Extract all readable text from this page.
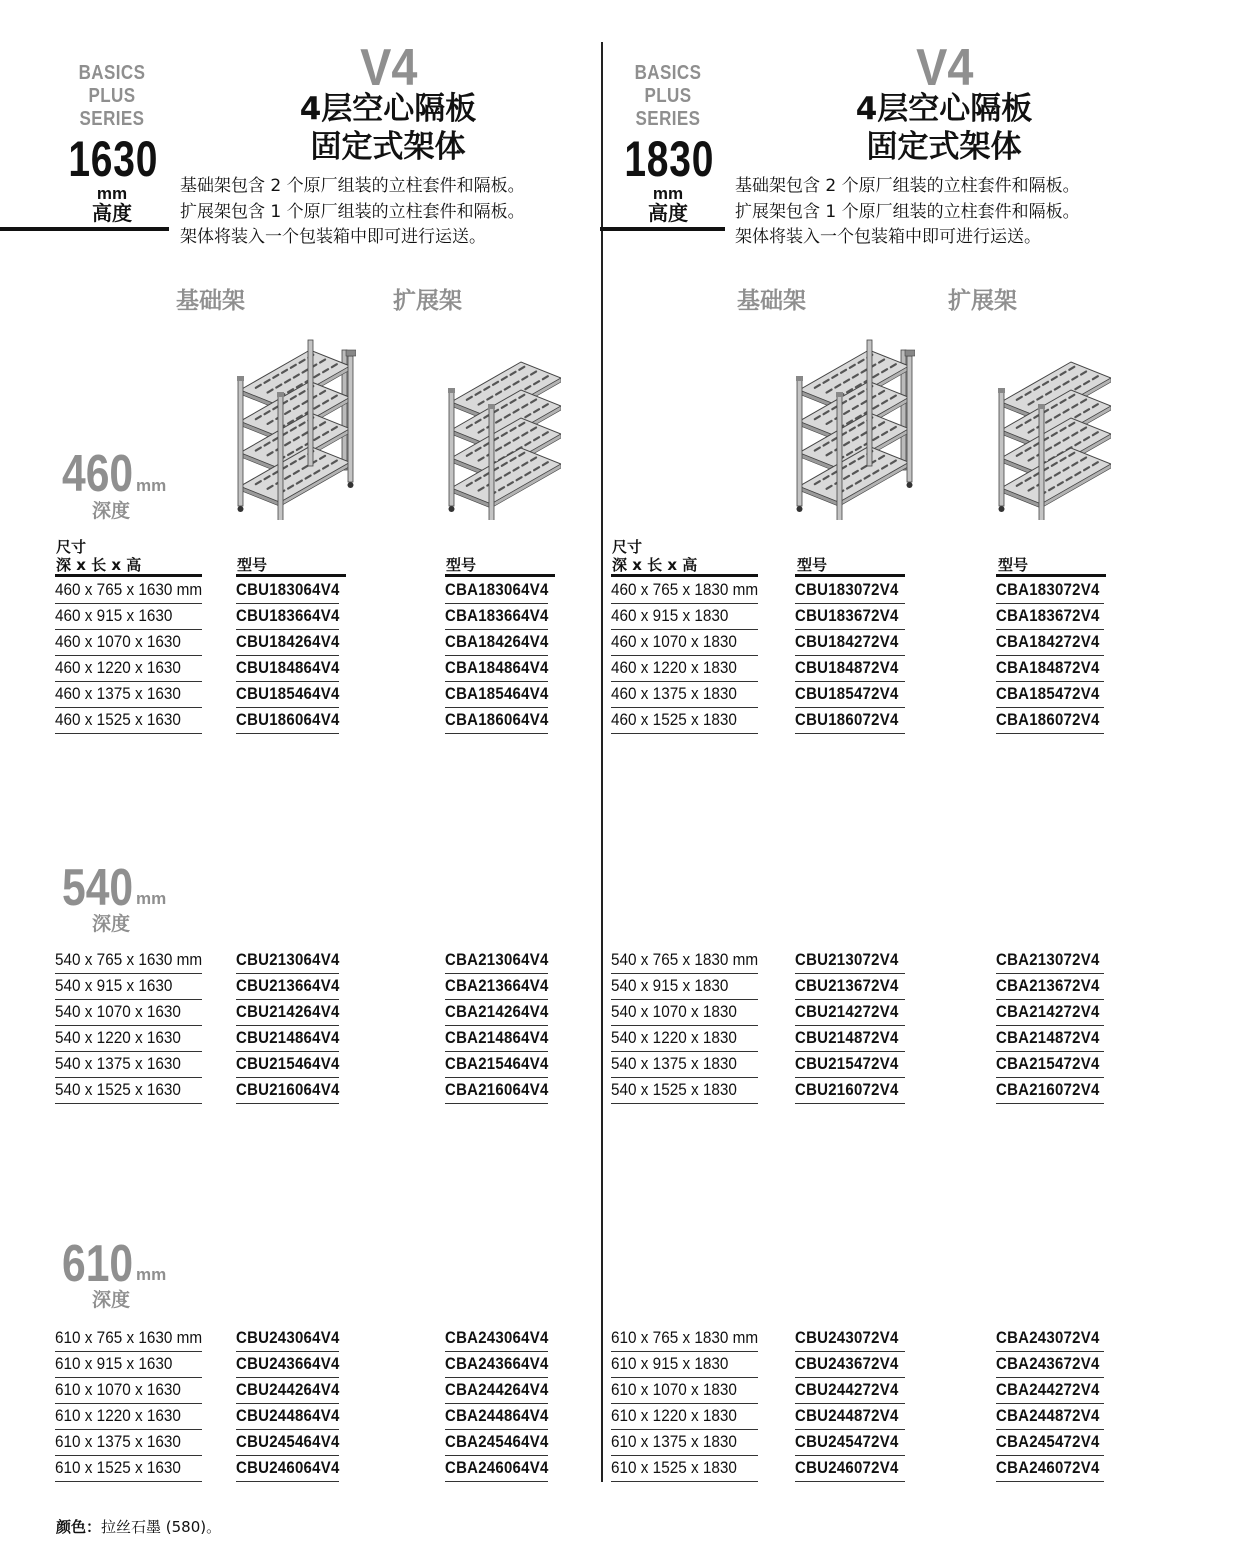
BASICS
PLUS
SERIES
1630
mm
高度
V4
4层空心隔板
固定式架体
基础架包含 2 个原厂组装的立柱套件和隔板。
扩展架包含 1 个原厂组装的立柱套件和隔板。
架体将装入一个包装箱中即可进行运送。
基础架	扩展架
BASICS
PLUS
SERIES
1830
mm
高度
V4
4层空心隔板
固定式架体
基础架包含 2 个原厂组装的立柱套件和隔板。
扩展架包含 1 个原厂组装的立柱套件和隔板。
架体将装入一个包装箱中即可进行运送。
基础架	扩展架
460 mm
深度
540 mm
深度
610 mm
深度
尺寸
深 x 长 x 高	型号	型号
尺寸
深 x 长 x 高	型号	型号
460 x 765 x 1630 mm CBU183064V4	CBA183064V4
460 x 915 x 1630	CBU183664V4	CBA183664V4
460 x 1070 x 1630	CBU184264V4	CBA184264V4
460 x 1220 x 1630	CBU184864V4	CBA184864V4
460 x 1375 x 1630	CBU185464V4	CBA185464V4
460 x 1525 x 1630	CBU186064V4	CBA186064V4
540 x 765 x 1630 mm CBU213064V4	CBA213064V4
540 x 915 x 1630	CBU213664V4	CBA213664V4
540 x 1070 x 1630	CBU214264V4	CBA214264V4
540 x 1220 x 1630	CBU214864V4	CBA214864V4
540 x 1375 x 1630	CBU215464V4	CBA215464V4
540 x 1525 x 1630	CBU216064V4	CBA216064V4
610 x 765 x 1630 mm CBU243064V4	CBA243064V4
610 x 915 x 1630	CBU243664V4	CBA243664V4
610 x 1070 x 1630	CBU244264V4	CBA244264V4
610 x 1220 x 1630	CBU244864V4	CBA244864V4
610 x 1375 x 1630	CBU245464V4	CBA245464V4
610 x 1525 x 1630	CBU246064V4	CBA246064V4
460 x 765 x 1830 mm CBU183072V4	CBA183072V4
460 x 915 x 1830	CBU183672V4	CBA183672V4
460 x 1070 x 1830	CBU184272V4	CBA184272V4
460 x 1220 x 1830	CBU184872V4	CBA184872V4
460 x 1375 x 1830	CBU185472V4	CBA185472V4
460 x 1525 x 1830	CBU186072V4	CBA186072V4
540 x 765 x 1830 mm CBU213072V4	CBA213072V4
540 x 915 x 1830	CBU213672V4	CBA213672V4
540 x 1070 x 1830	CBU214272V4	CBA214272V4
540 x 1220 x 1830	CBU214872V4	CBA214872V4
540 x 1375 x 1830	CBU215472V4	CBA215472V4
540 x 1525 x 1830	CBU216072V4	CBA216072V4
610 x 765 x 1830 mm CBU243072V4	CBA243072V4
610 x 915 x 1830	CBU243672V4	CBA243672V4
610 x 1070 x 1830	CBU244272V4	CBA244272V4
610 x 1220 x 1830	CBU244872V4	CBA244872V4
610 x 1375 x 1830	CBU245472V4	CBA245472V4
610 x 1525 x 1830	CBU246072V4	CBA246072V4
颜色：拉丝石墨 (580)。
